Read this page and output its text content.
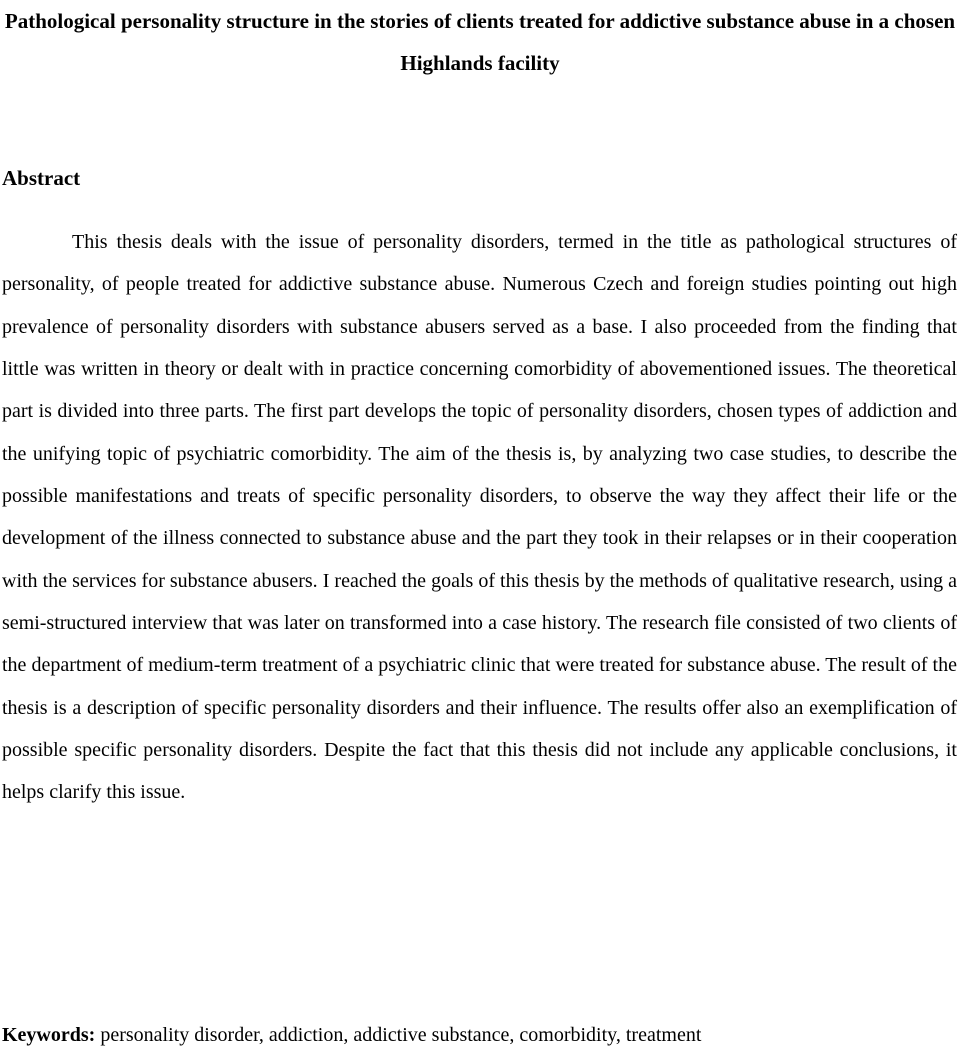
Pathological personality structure in the stories of clients treated for addictive substance abuse in a chosen Highlands facility
Abstract

This thesis deals with the issue of personality disorders, termed in the title as pathological structures of personality, of people treated for addictive substance abuse. Numerous Czech and foreign studies pointing out high prevalence of personality disorders with substance abusers served as a base. I also proceeded from the finding that little was written in theory or dealt with in practice concerning comorbidity of abovementioned issues. The theoretical part is divided into three parts. The first part develops the topic of personality disorders, chosen types of addiction and the unifying topic of psychiatric comorbidity. The aim of the thesis is, by analyzing two case studies, to describe the possible manifestations and treats of specific personality disorders, to observe the way they affect their life or the development of the illness connected to substance abuse and the part they took in their relapses or in their cooperation with the services for substance abusers. I reached the goals of this thesis by the methods of qualitative research, using a semi-structured interview that was later on transformed into a case history. The research file consisted of two clients of the department of medium-term treatment of a psychiatric clinic that were treated for substance abuse. The result of the thesis is a description of specific personality disorders and their influence. The results offer also an exemplification of possible specific personality disorders. Despite the fact that this thesis did not include any applicable conclusions, it helps clarify this issue.

Keywords: personality disorder, addiction, addictive substance, comorbidity, treatment
